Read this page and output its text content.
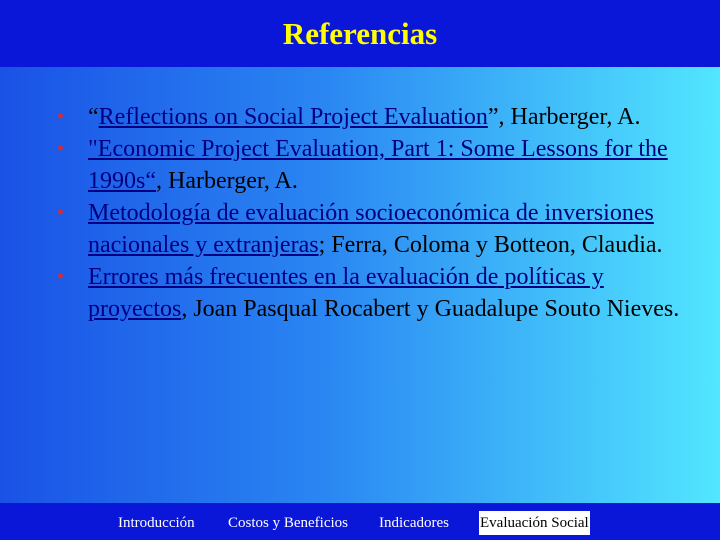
Referencias
• “Reflections on Social Project Evaluation”, Harberger, A.
• "Economic Project Evaluation, Part 1: Some Lessons for the 1990s“, Harberger, A.
• Metodología de evaluación socioeconómica de inversiones nacionales y extranjeras; Ferra, Coloma y Botteon, Claudia.
• Errores más frecuentes en la evaluación de políticas y proyectos, Joan Pasqual Rocabert y Guadalupe Souto Nieves.
Introducción Costos y Beneficios Indicadores Evaluación Social
